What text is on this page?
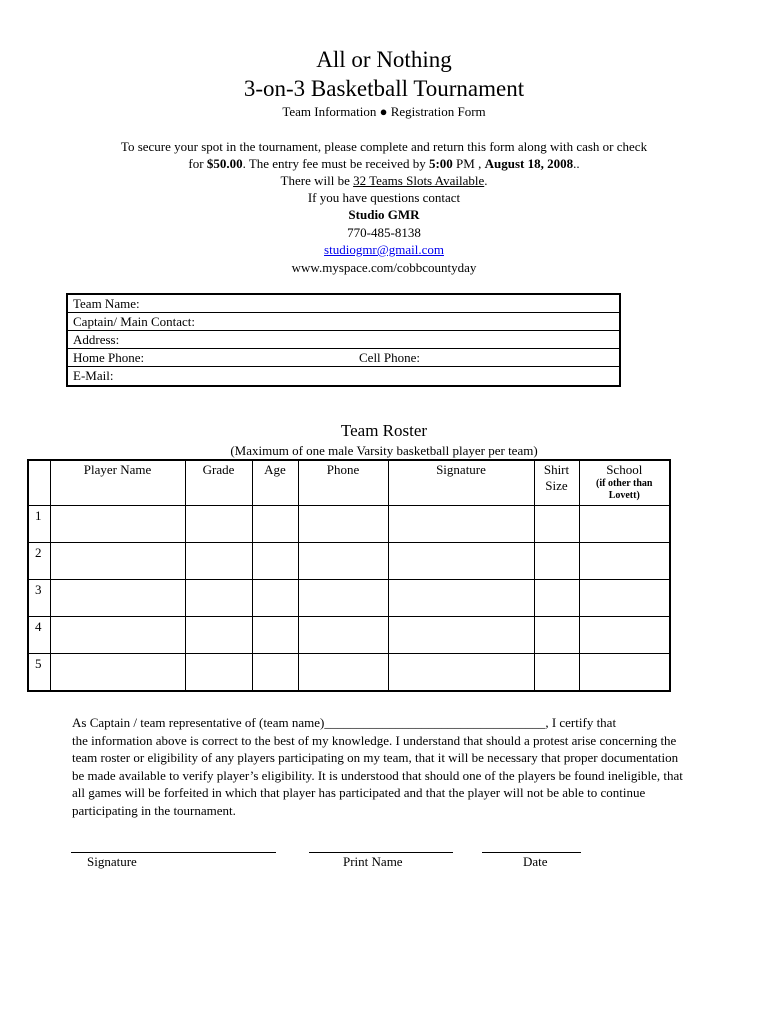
All or Nothing
3-on-3 Basketball Tournament
Team Information ● Registration Form
To secure your spot in the tournament, please complete and return this form along with cash or check
for $50.00. The entry fee must be received by 5:00 PM , August 18, 2008..
There will be 32 Teams Slots Available.
If you have questions contact
Studio GMR
770-485-8138
studiogmr@gmail.com
www.myspace.com/cobbcountyday
Team Name:
Captain/ Main Contact:
Address:
Home Phone:	Cell Phone:
E-Mail:
Team Roster
(Maximum of one male Varsity basketball player per team)
	Player Name	Grade	Age	Phone	Signature	Shirt Size	School
(if other than Lovett)

1							
2							
3							
4							
5							
As Captain / team representative of (team name)__________________________________, I certify that
the information above is correct to the best of my knowledge. I understand that should a protest arise concerning the team roster or eligibility of any players participating on my team, that it will be necessary that proper documentation be made available to verify player’s eligibility. It is understood that should one of the players be found ineligible, that all games will be forfeited in which that player has participated and that the player will not be able to continue participating in the tournament.
Signature	Print Name	Date
